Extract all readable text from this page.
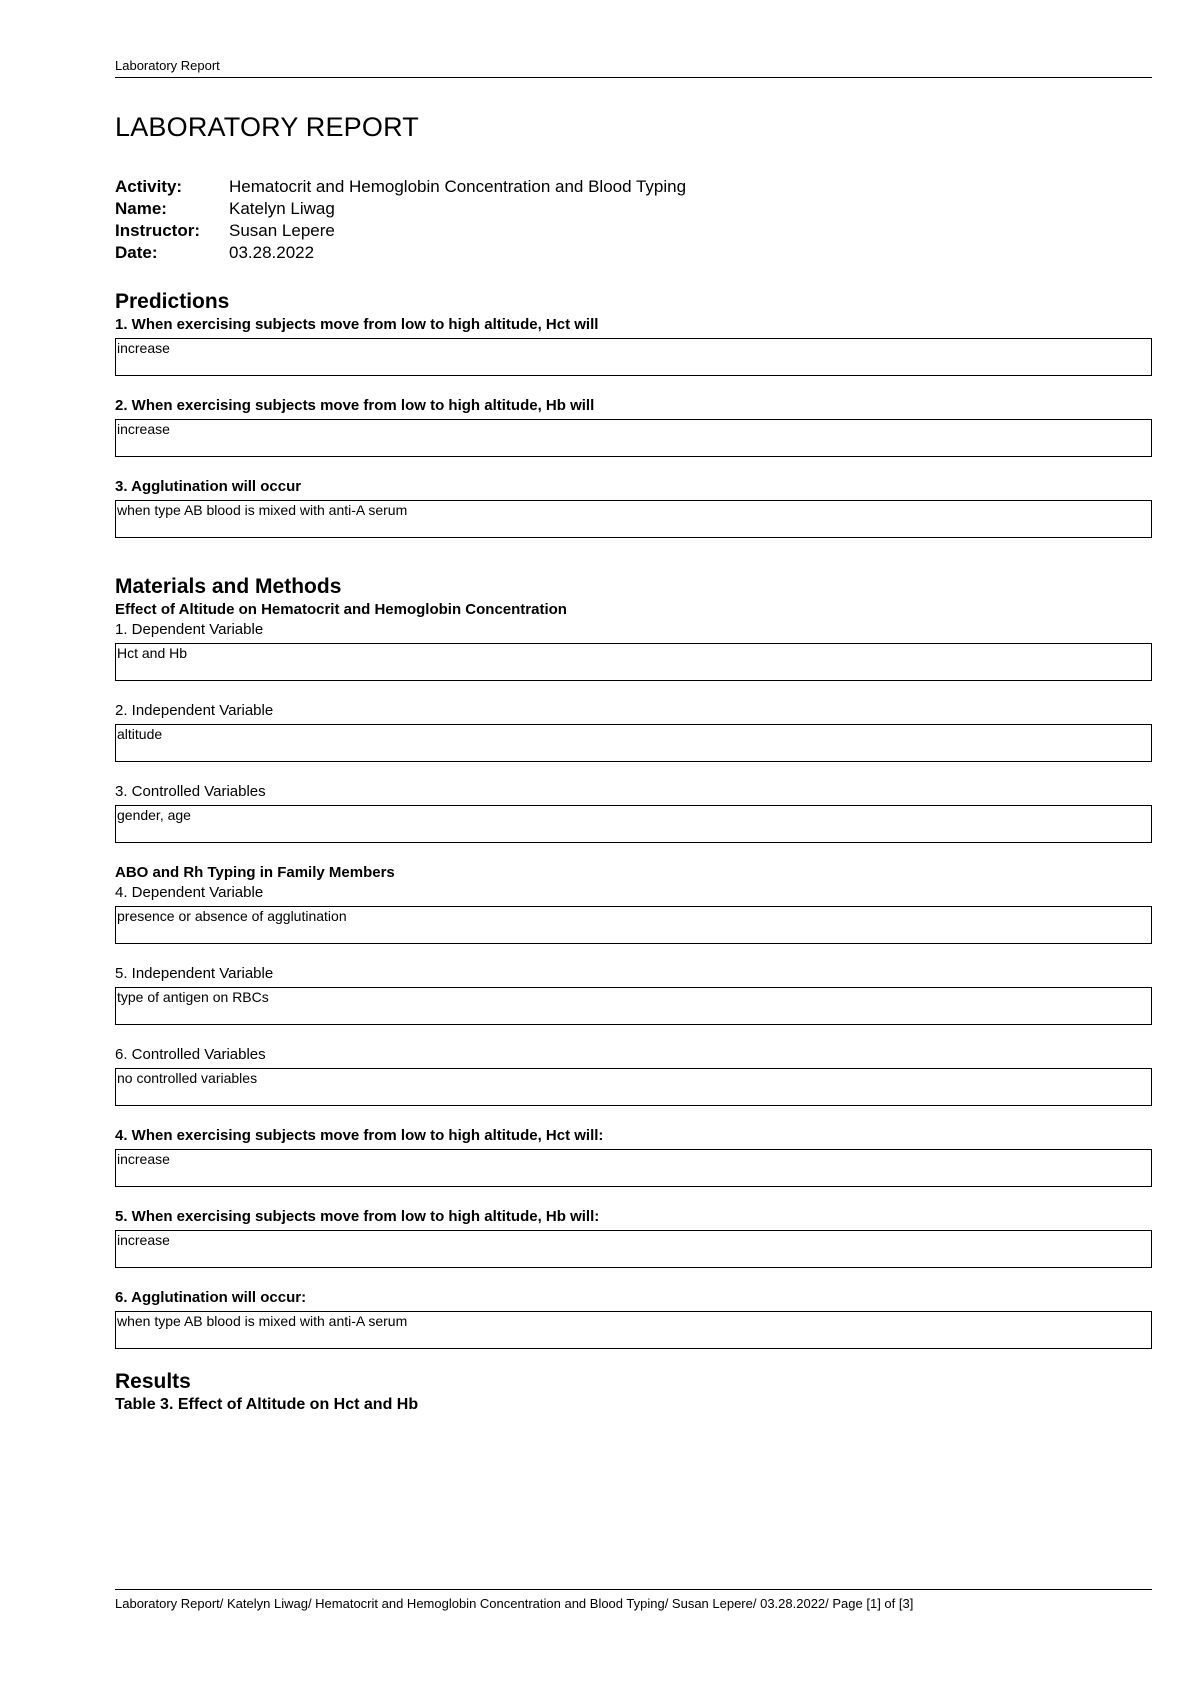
Laboratory Report
LABORATORY REPORT
Activity:	Hematocrit and Hemoglobin Concentration and Blood Typing
Name:	Katelyn Liwag
Instructor:	Susan Lepere
Date:	03.28.2022
Predictions
1. When exercising subjects move from low to high altitude, Hct will
increase
2. When exercising subjects move from low to high altitude, Hb will
increase
3. Agglutination will occur
when type AB blood is mixed with anti-A serum
Materials and Methods
Effect of Altitude on Hematocrit and Hemoglobin Concentration
1. Dependent Variable
Hct and Hb
2. Independent Variable
altitude
3. Controlled Variables
gender, age
ABO and Rh Typing in Family Members
4. Dependent Variable
presence or absence of agglutination
5. Independent Variable
type of antigen on RBCs
6. Controlled Variables
no controlled variables
4. When exercising subjects move from low to high altitude, Hct will:
increase
5. When exercising subjects move from low to high altitude, Hb will:
increase
6. Agglutination will occur:
when type AB blood is mixed with anti-A serum
Results
Table 3. Effect of Altitude on Hct and Hb
Laboratory Report/ Katelyn Liwag/ Hematocrit and Hemoglobin Concentration and Blood Typing/ Susan Lepere/ 03.28.2022/ Page [1] of [3]
